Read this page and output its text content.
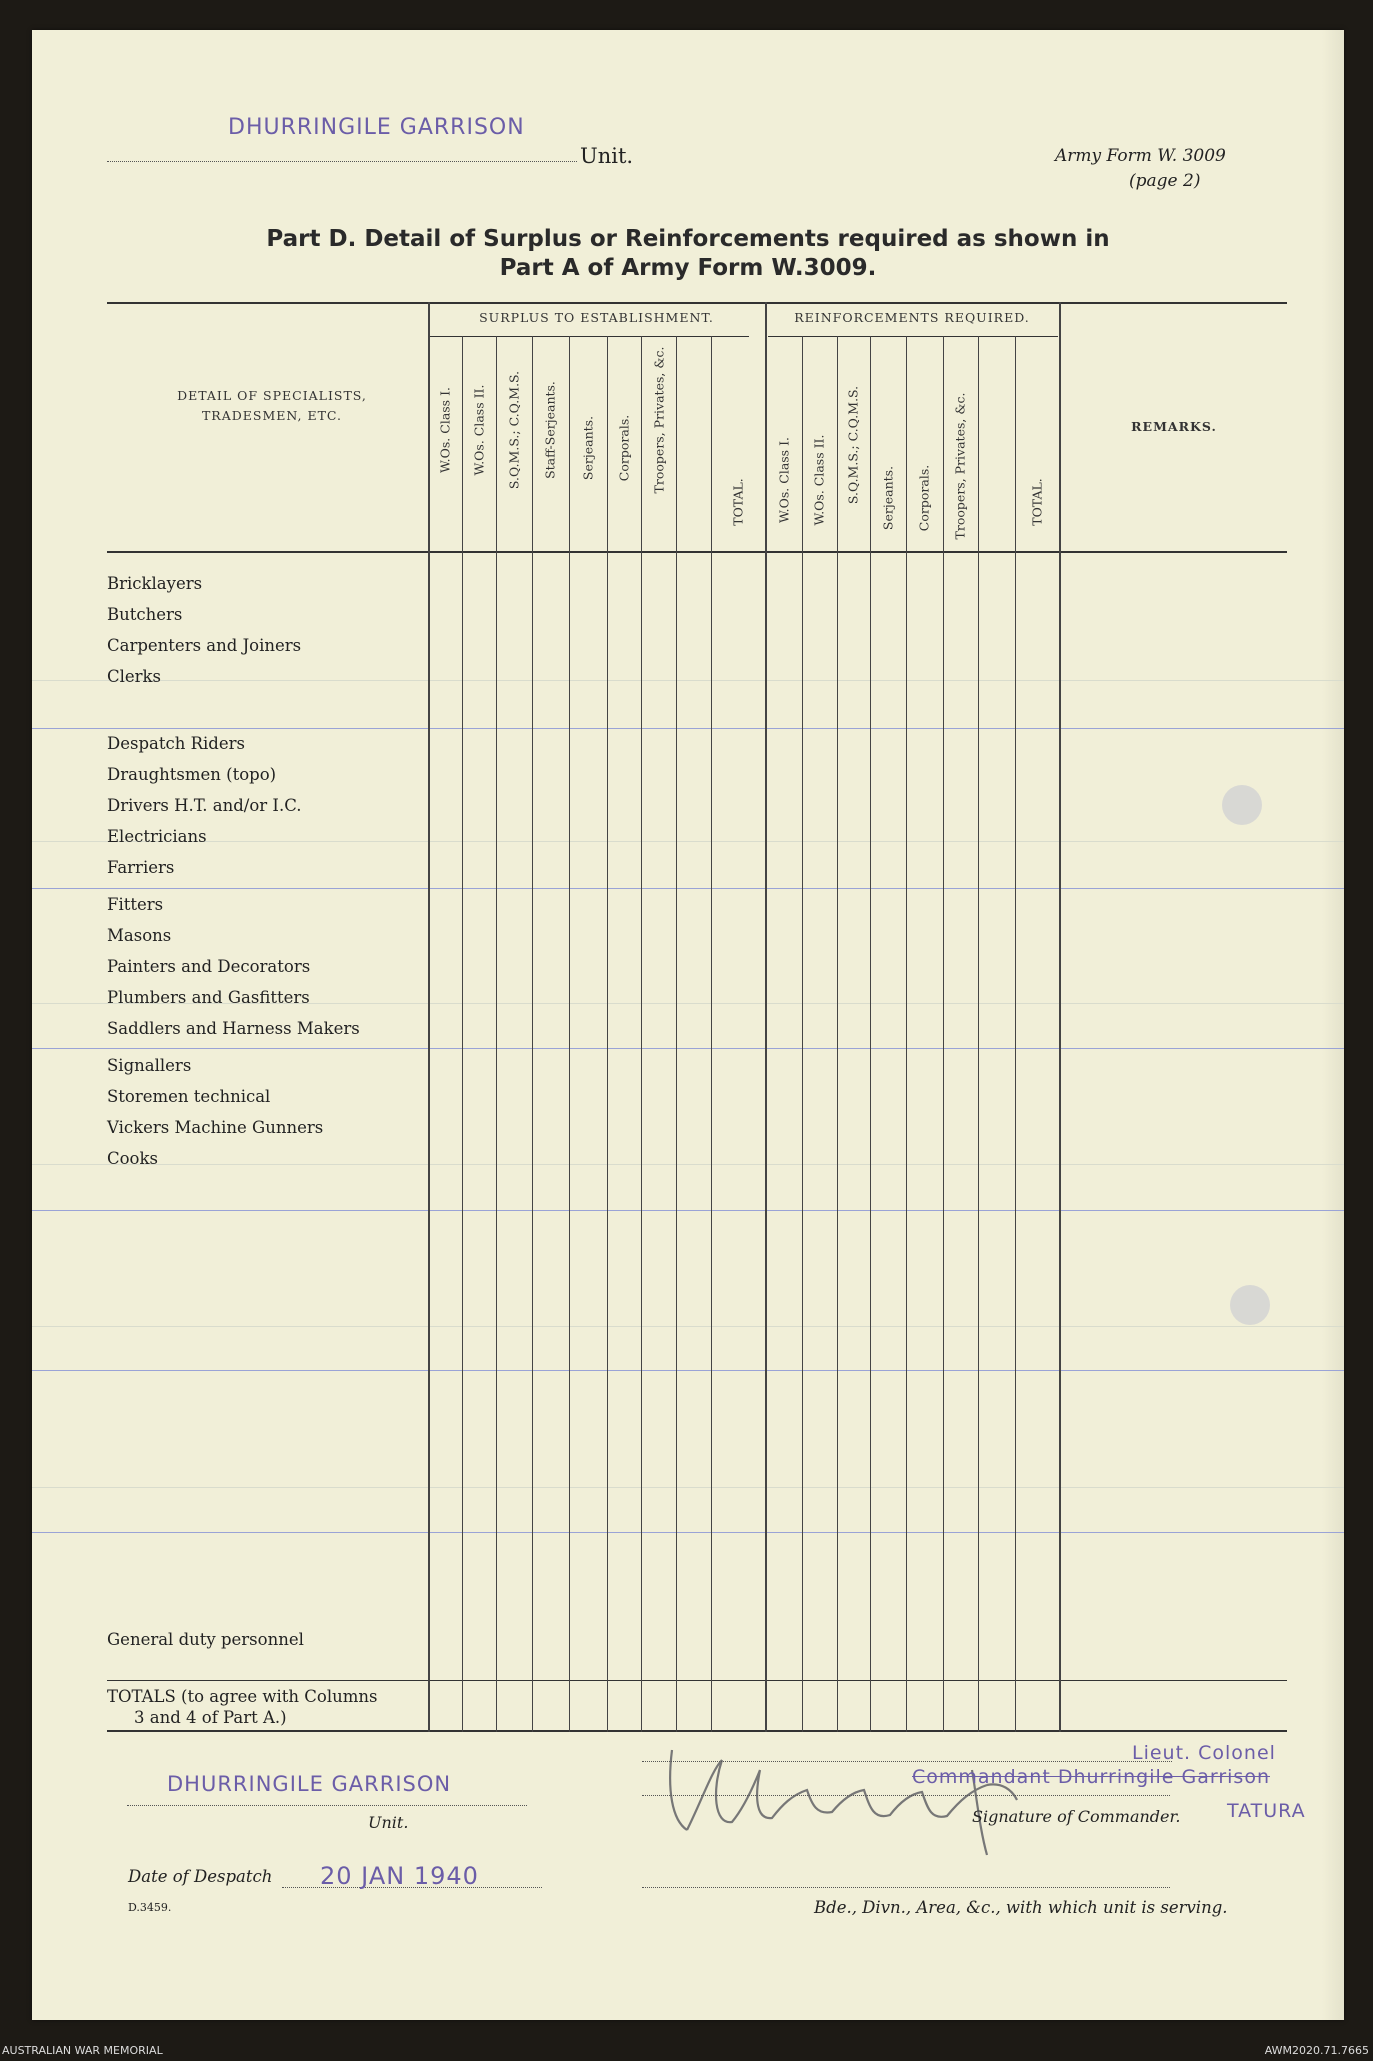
DHURRINGILE GARRISON
Unit.	Army Form W. 3009
(page 2)
Part D. Detail of Surplus or Reinforcements required as shown in
Part A of Army Form W.3009.
DETAIL OF SPECIALISTS,
TRADESMEN, ETC.
SURPLUS TO ESTABLISHMENT.	REINFORCEMENTS REQUIRED.
REMARKS.
W.Os. Class I. W.Os. Class II. S.Q.M.S.; C.Q.M.S. Staff-Serjeants. Serjeants. Corporals. Troopers, Privates, &c.
TOTAL. W.Os. Class I. W.Os. Class II. S.Q.M.S.; C.Q.M.S. Serjeants. Corporals. Troopers, Privates, &c.	TOTAL.
Bricklayers
Butchers
Carpenters and Joiners
Clerks
Despatch Riders
Draughtsmen (topo)
Drivers H.T. and/or I.C.
Electricians
Farriers
Fitters
Masons
Painters and Decorators
Plumbers and Gasfitters
Saddlers and Harness Makers
Signallers
Storemen technical
Vickers Machine Gunners
Cooks
General duty personnel
TOTALS (to agree with Columns
3 and 4 of Part A.)
DHURRINGILE GARRISON
Unit.
Lieut. Colonel
Commandant Dhurringile Garrison
Signature of Commander. TATURA
Date of Despatch 20 JAN 1940
D.3459.	Bde., Divn., Area, &c., with which unit is serving.
AUSTRALIAN WAR MEMORIAL	AWM2020.71.7665
